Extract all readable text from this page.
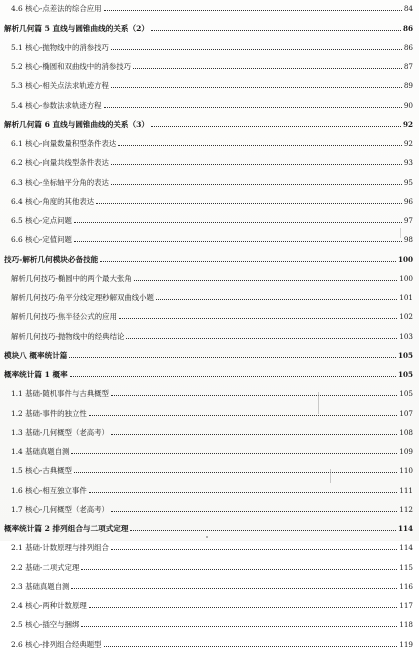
4.6 核心-点差法的综合应用	84
解析几何篇 5 直线与圆锥曲线的关系（2）	86
5.1 核心-抛物线中的消参技巧	86
5.2 核心-椭圆和双曲线中的消参技巧	87
5.3 核心-相关点法求轨迹方程	89
5.4 核心-参数法求轨迹方程	90
解析几何篇 6 直线与圆锥曲线的关系（3）	92
6.1 核心-向量数量积型条件表达	92
6.2 核心-向量共线型条件表达	93
6.3 核心-坐标轴平分角的表达	95
6.4 核心-角度的其他表达	96
6.5 核心-定点问题	97
6.6 核心-定值问题	98
技巧-解析几何模块必备技能	100
解析几何技巧-椭圆中的两个最大张角	100
解析几何技巧-角平分线定理秒解双曲线小题	101
解析几何技巧-焦半径公式的应用	102
解析几何技巧-抛物线中的经典结论	103
模块八 概率统计篇	105
概率统计篇 1 概率	105
1.1 基础-随机事件与古典概型	105
1.2 基础-事件的独立性	107
1.3 基础-几何概型（老高考）	108
1.4 基础真题自测	109
1.5 核心-古典概型	110
1.6 核心-相互独立事件	111
1.7 核心-几何概型（老高考）	112
概率统计篇 2 排列组合与二项式定理	114
2.1 基础-计数原理与排列组合	114
2.2 基础-二项式定理	115
2.3 基础真题自测	116
2.4 核心-两种计数原理	117
2.5 核心-插空与捆绑	118
2.6 核心-排列组合经典题型	119
